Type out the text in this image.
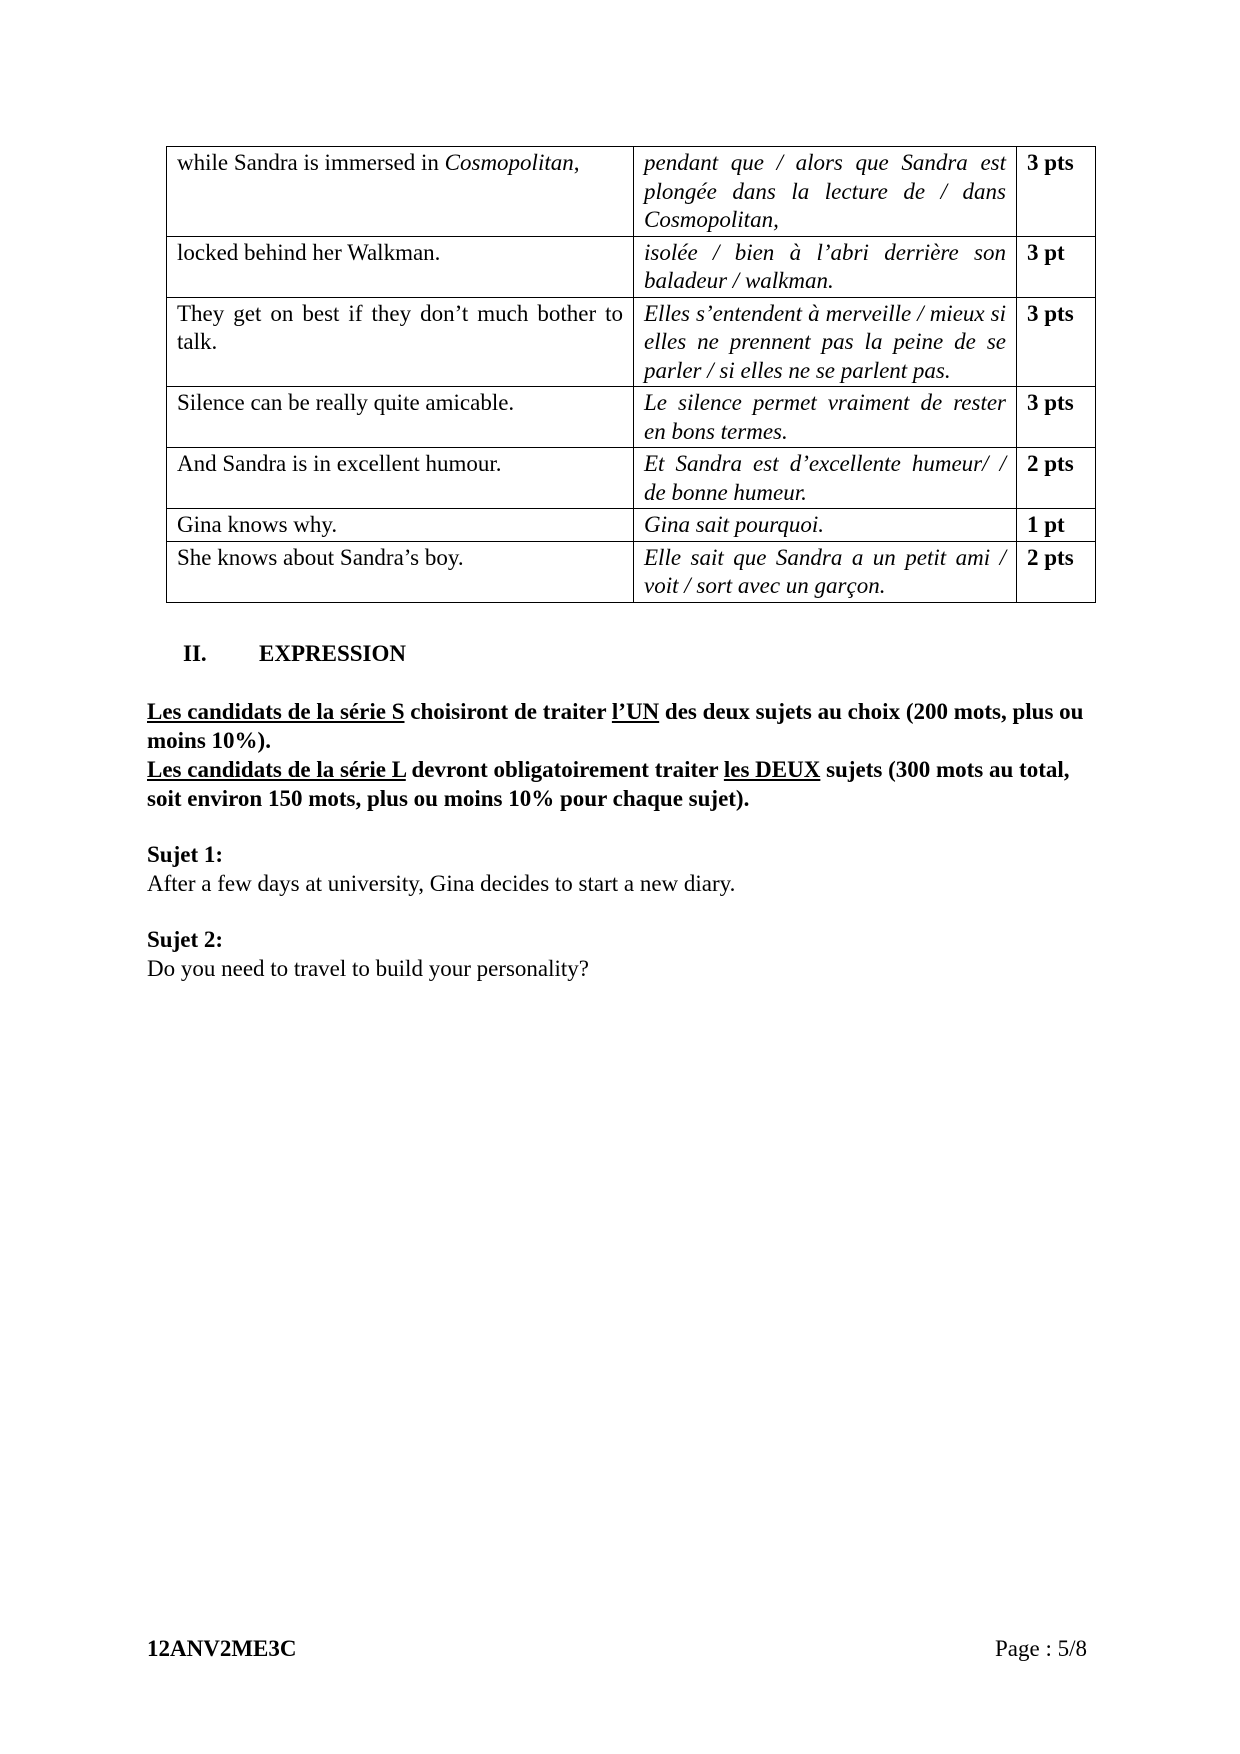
while Sandra is immersed in Cosmopolitan,	pendant que / alors que Sandra est plongée dans la lecture de / dans Cosmopolitan,	3 pts
locked behind her Walkman.	isolée / bien à l’abri derrière son baladeur / walkman.	3 pt
They get on best if they don’t much bother to talk.	Elles s’entendent à merveille / mieux si elles ne prennent pas la peine de se parler / si elles ne se parlent pas.	3 pts
Silence can be really quite amicable.	Le silence permet vraiment de rester en bons termes.	3 pts
And Sandra is in excellent humour.	Et Sandra est d’excellente humeur/ / de bonne humeur.	2 pts
Gina knows why.	Gina sait pourquoi.	1 pt
She knows about Sandra’s boy.	Elle sait que Sandra a un petit ami / voit / sort avec un garçon.	2 pts
II. EXPRESSION

Les candidats de la série S choisiront de traiter l’UN des deux sujets au choix (200 mots, plus ou moins 10%).

Les candidats de la série L devront obligatoirement traiter les DEUX sujets (300 mots au total, soit environ 150 mots, plus ou moins 10% pour chaque sujet).

Sujet 1:
After a few days at university, Gina decides to start a new diary.
Sujet 2:
Do you need to travel to build your personality?
12ANV2ME3C	Page : 5/8
